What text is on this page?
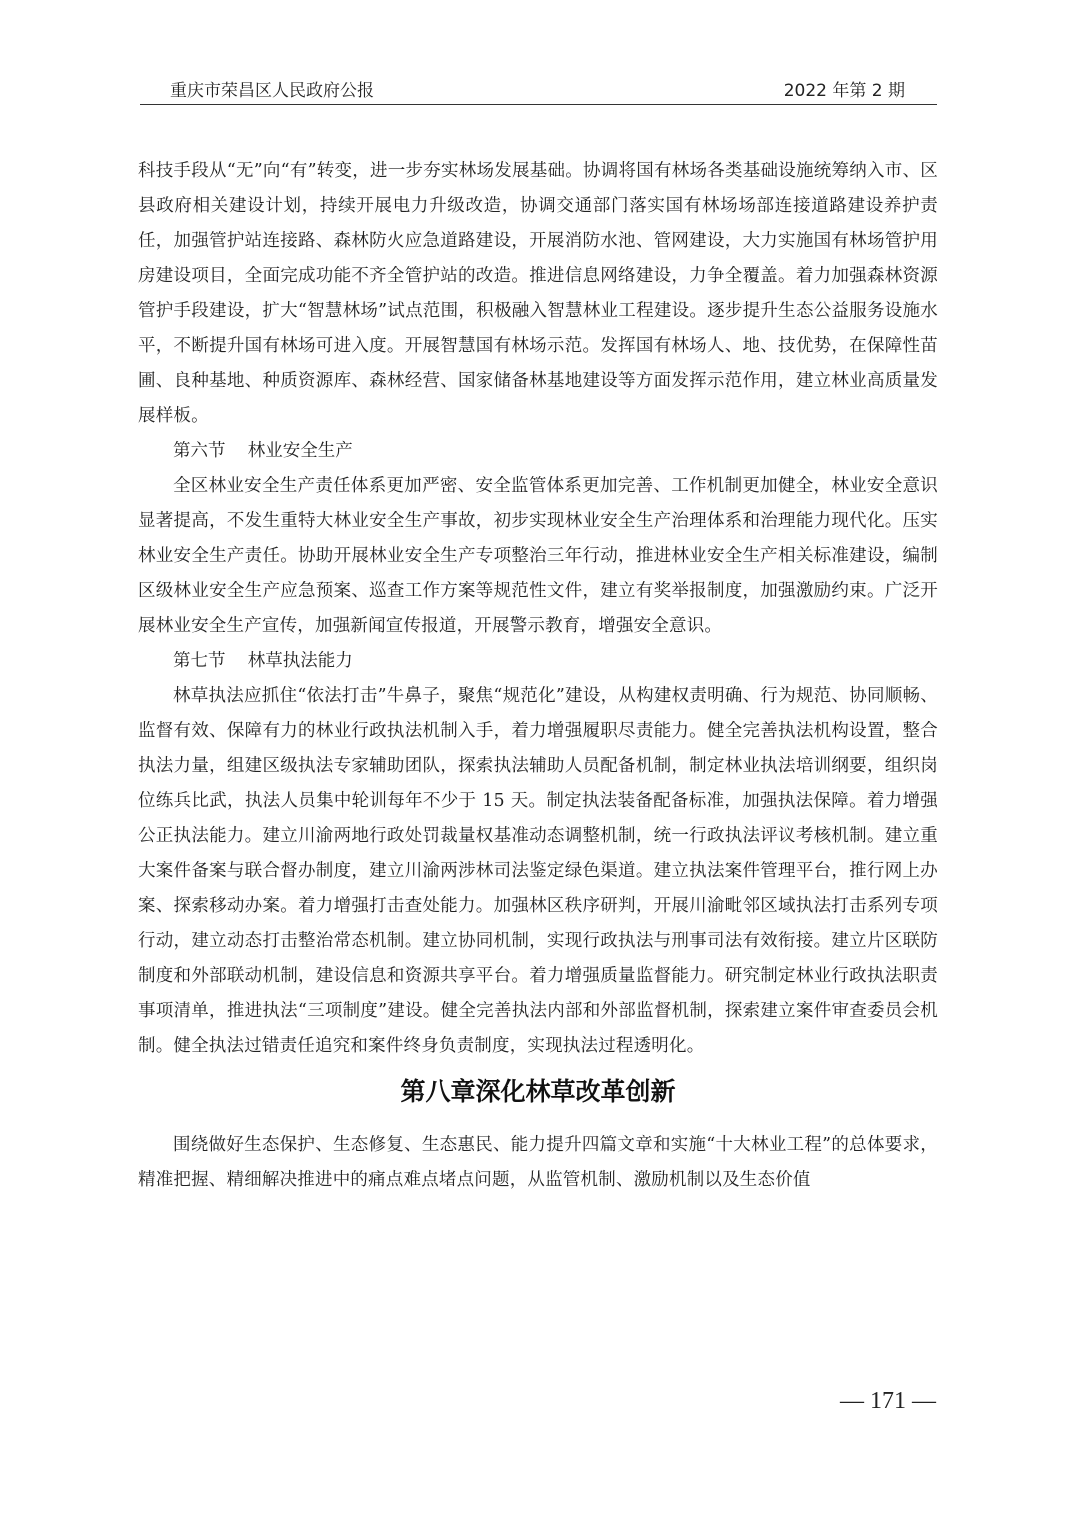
重庆市荣昌区人民政府公报	2022 年第 2 期

科技手段从“无”向“有”转变，进一步夯实林场发展基础。协调将国有林场各类基础设施统筹纳入市、区县政府相关建设计划，持续开展电力升级改造，协调交通部门落实国有林场场部连接道路建设养护责任，加强管护站连接路、森林防火应急道路建设，开展消防水池、管网建设，大力实施国有林场管护用房建设项目，全面完成功能不齐全管护站的改造。推进信息网络建设，力争全覆盖。着力加强森林资源管护手段建设，扩大“智慧林场”试点范围，积极融入智慧林业工程建设。逐步提升生态公益服务设施水平，不断提升国有林场可进入度。开展智慧国有林场示范。发挥国有林场人、地、技优势，在保障性苗圃、良种基地、种质资源库、森林经营、国家储备林基地建设等方面发挥示范作用，建立林业高质量发展样板。

第六节    林业安全生产

全区林业安全生产责任体系更加严密、安全监管体系更加完善、工作机制更加健全，林业安全意识显著提高，不发生重特大林业安全生产事故，初步实现林业安全生产治理体系和治理能力现代化。压实林业安全生产责任。协助开展林业安全生产专项整治三年行动，推进林业安全生产相关标准建设，编制区级林业安全生产应急预案、巡查工作方案等规范性文件，建立有奖举报制度，加强激励约束。广泛开展林业安全生产宣传，加强新闻宣传报道，开展警示教育，增强安全意识。

第七节    林草执法能力

林草执法应抓住“依法打击”牛鼻子，聚焦“规范化”建设，从构建权责明确、行为规范、协同顺畅、监督有效、保障有力的林业行政执法机制入手，着力增强履职尽责能力。健全完善执法机构设置，整合执法力量，组建区级执法专家辅助团队，探索执法辅助人员配备机制，制定林业执法培训纲要，组织岗位练兵比武，执法人员集中轮训每年不少于 15 天。制定执法装备配备标准，加强执法保障。着力增强公正执法能力。建立川渝两地行政处罚裁量权基准动态调整机制，统一行政执法评议考核机制。建立重大案件备案与联合督办制度，建立川渝两涉林司法鉴定绿色渠道。建立执法案件管理平台，推行网上办案、探索移动办案。着力增强打击查处能力。加强林区秩序研判，开展川渝毗邻区域执法打击系列专项行动，建立动态打击整治常态机制。建立协同机制，实现行政执法与刑事司法有效衔接。建立片区联防制度和外部联动机制，建设信息和资源共享平台。着力增强质量监督能力。研究制定林业行政执法职责事项清单，推进执法“三项制度”建设。健全完善执法内部和外部监督机制，探索建立案件审查委员会机制。健全执法过错责任追究和案件终身负责制度，实现执法过程透明化。

第八章深化林草改革创新

围绕做好生态保护、生态修复、生态惠民、能力提升四篇文章和实施“十大林业工程”的总体要求，精准把握、精细解决推进中的痛点难点堵点问题，从监管机制、激励机制以及生态价值

— 171 —
